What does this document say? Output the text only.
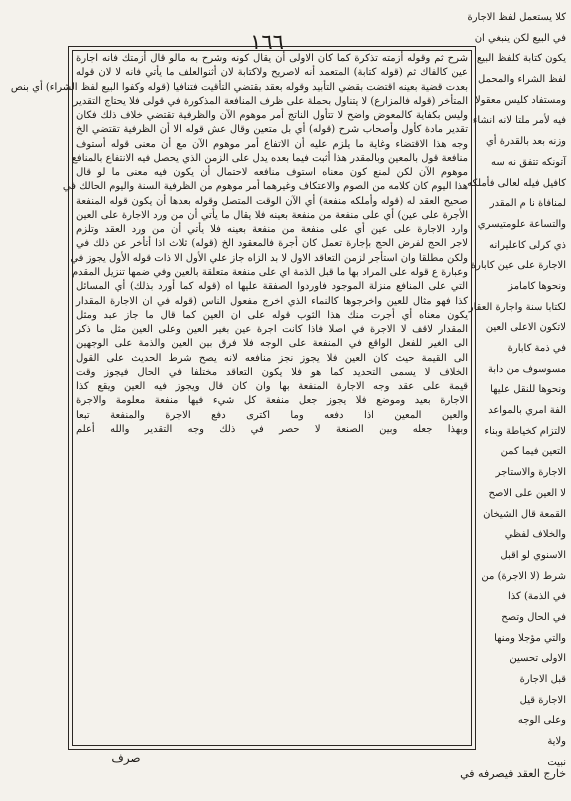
١٦٦
شرح ثم وقوله أزمته تذكرة كما كان الاولى أن يقال كونه وشرح به مالو قال أزمتك فانه اجارة
عين كالفاك ثم (قوله كتابة) المتعمد أنه لاصريح ولاكتابة لان أثنوالعلف ما يأتي فانه لا لان قوله
بعدت قضية بعينه اقتضت بقضي التأبيد وقوله بعقد بقتضي التأقيت فتنافيا (قوله وكفوا البيع لفظ الشراء) أي بنص
المتأخر (قوله فالمزارع) لا يتناول بحملة على ظرف المنافعة المذكورة في قولى فلا يحتاج التقدير
وليس بكفاية كالمعوض واضح لا تتأول الناتج أمر موهوم الآن والظرفية تقتضي خلاف ذلك فكان
تقدير مادة كأول وأصحاب شرح (قوله) أي بل متعين وقال عش قوله الا أن الظرفية تقتضي الخ
وجه هذا الاقتضاء وغاية ما يلزم عليه أن الاتفاع أمر موهوم الآن مع أن معنى قوله أستوف
منافعة قول بالمعين وبالمقدر هذا أثبت فيما بعده يدل على الزمن الذي يحصل فيه الانتفاع بالمنافع
موهوم الآن لكن لمنع كون معناه استوف منافعه لاحتمال أن يكون فيه معنى ما لو قال
هذا اليوم كان كلامه من الصوم والاعتكاف وغيرهما أمر موهوم من الظرفية السنة واليوم الحالك في
صحيح العقد له (قوله وأملكه منفعة) أي الآن الوقت المتصل وقوله بعدها أن يكون قوله المنفعة
الأجرة على عين) أي على منفعة من منفعة بعينه فلا يقال ما يأتي أن من ورد الاجارة على العين
وارد الاجارة على عين أي على منفعة من منفعة بعينه فلا يأتي أن من ورد العقد وتلزم
لاجر الحج لفرض الحج بإجارة تعمل كان أجرة فالمعقود الخ (قوله) ثلاث اذا أتأخر عن ذلك في
ولكن مطلقا وان استأجر لزمن التعاقد الاول لا بد الزاه جاز علي الأول الا ذات قوله الأول يجوز في
وعبارة ع قوله على المراد بها ما قبل الذمة اي على منفعة متعلقة بالعين وفي ضمها تنزيل المقدم
التي على المنافع منزلة الموجود فاوردوا الصفقة عليها اه (قوله كما أورد بذلك) أي المسائل
كذا فهو مثال للعين واخرجوها كالنماء الذي اخرج مفعول الناس (قوله في ان الاجارة المقدار
يكون معناه أي أجرت منك هذا الثوب قوله على ان العين كما قال ما جاز عبد ومثل
المقدار لاقف لا الاجرة في اصلا فاذا كانت اجرة عين بغير العين وعلى العين مثل ما ذكر
الى الغير للفعل الواقع في المنفعة على الوجه فلا فرق بين العين والذمة على الوجهين
الى القيمة حيث كان العين فلا يجوز نجز منافعه لانه يصح شرط الحديث على القول
الخلاف لا يسمى التحديد كما هو فلا يكون التعاقد مختلفا في الحال فيجوز وقت
قيمة على عقد وجه الاجارة المنفعة بها وان كان قال ويجوز فيه العين ويقع كذا
الاجارة بعيد وموضع فلا يجوز جعل منفعة كل شيء فيها منفعة معلومة والاجرة
والعين المعين اذا دفعه وما اكترى دفع الاجرة والمنفعة تبعا
وبهذا جعله وبين الصنعة لا حصر في ذلك وجه التقدير والله أعلم
كلا يستعمل لفظ الاجارة
في البيع لكن ينبغي ان
يكون كتابة كلفظ البيع
لفظ الشراء والمحمل
ومستفاد كليس معقولا
فيه لأمر ملتا لانه انشاء
وزنه بعد بالقدرة أي
آتونكه تتفق نه سه
كافيل فيله لعالى فأملكه
لمنافاة نا م المقدر
والتساعة علومتيسري
ذي كرلى كاعليرانه
الاجارة على عين كابارة
ونحوها كامامز
لكتابا سنة واجارة العقار
لاتكون الاعلى العين
في ذمة كابارة
مسوسوف من دابة
ونحوها للنقل عليها
الفة امري بالمواعد
لالتزام كخياطة وبناء
التعين فيما كمن
الاجارة والاستاجر
لا العين على الاصح
القمعة قال الشيخان
والخلاف لفظي
الاسنوي لو اقبل
شرط (لا الاجرة) من
في الذمة) كذا
في الحال وتصح
والتي مؤجلا ومنها
الاولى تحسين
قبل الاجارة
الاجارة قيل
وعلى الوجه
ولاية
نبيت
صرف
خارج العقد فيصرفه في
